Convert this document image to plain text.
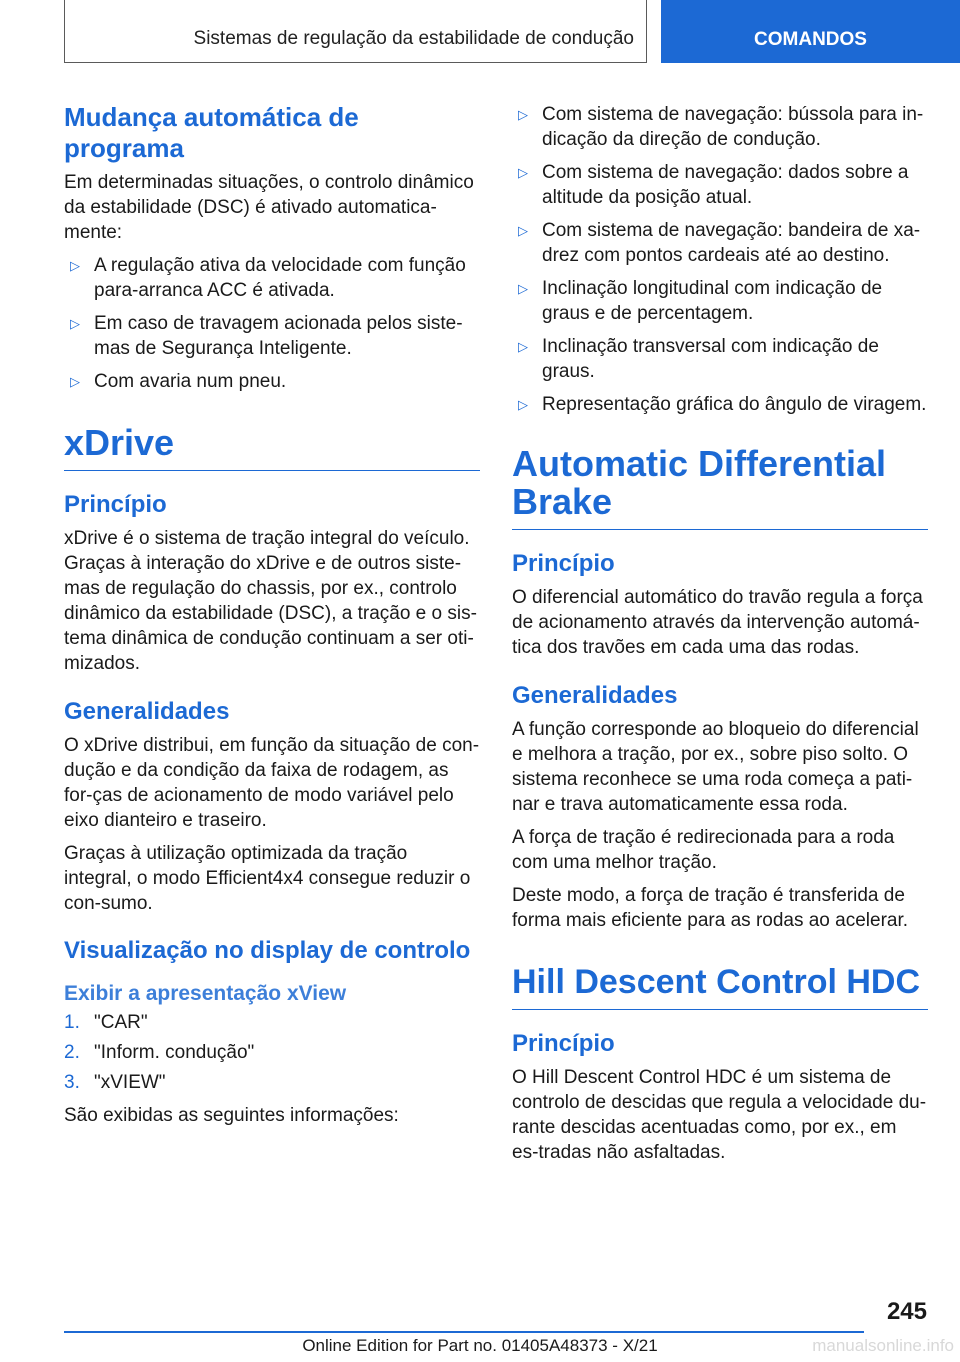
Sistemas de regulação da estabilidade de condução	COMANDOS
Mudança automática de programa

Em determinadas situações, o controlo dinâmico da estabilidade (DSC) é ativado automatica-mente:

▷ A regulação ativa da velocidade com função para-arranca ACC é ativada.
▷ Em caso de travagem acionada pelos siste-mas de Segurança Inteligente.
▷ Com avaria num pneu.
xDrive
Princípio

xDrive é o sistema de tração integral do veículo. Graças à interação do xDrive e de outros siste-mas de regulação do chassis, por ex., controlo dinâmico da estabilidade (DSC), a tração e o sis-tema dinâmica de condução continuam a ser oti-mizados.

Generalidades

O xDrive distribui, em função da situação de con-dução e da condição da faixa de rodagem, as for-ças de acionamento de modo variável pelo eixo dianteiro e traseiro.

Graças à utilização optimizada da tração integral, o modo Efficient4x4 consegue reduzir o con-sumo.

Visualização no display de controlo
Exibir a apresentação xView
1. "CAR"
2. "Inform. condução"
3. "xVIEW"

São exibidas as seguintes informações:

▷ Com sistema de navegação: bússola para in-dicação da direção de condução.
▷ Com sistema de navegação: dados sobre a altitude da posição atual.
▷ Com sistema de navegação: bandeira de xa-drez com pontos cardeais até ao destino.
▷ Inclinação longitudinal com indicação de graus e de percentagem.
▷ Inclinação transversal com indicação de graus.
▷ Representação gráfica do ângulo de viragem.
Automatic Differential Brake
Princípio

O diferencial automático do travão regula a força de acionamento através da intervenção automá-tica dos travões em cada uma das rodas.

Generalidades

A função corresponde ao bloqueio do diferencial e melhora a tração, por ex., sobre piso solto. O sistema reconhece se uma roda começa a pati-nar e trava automaticamente essa roda.

A força de tração é redirecionada para a roda com uma melhor tração.

Deste modo, a força de tração é transferida de forma mais eficiente para as rodas ao acelerar.

Hill Descent Control HDC
Princípio

O Hill Descent Control HDC é um sistema de controlo de descidas que regula a velocidade du-rante descidas acentuadas como, por ex., em es-tradas não asfaltadas.

245
Online Edition for Part no. 01405A48373 - X/21	manualsonline.info
